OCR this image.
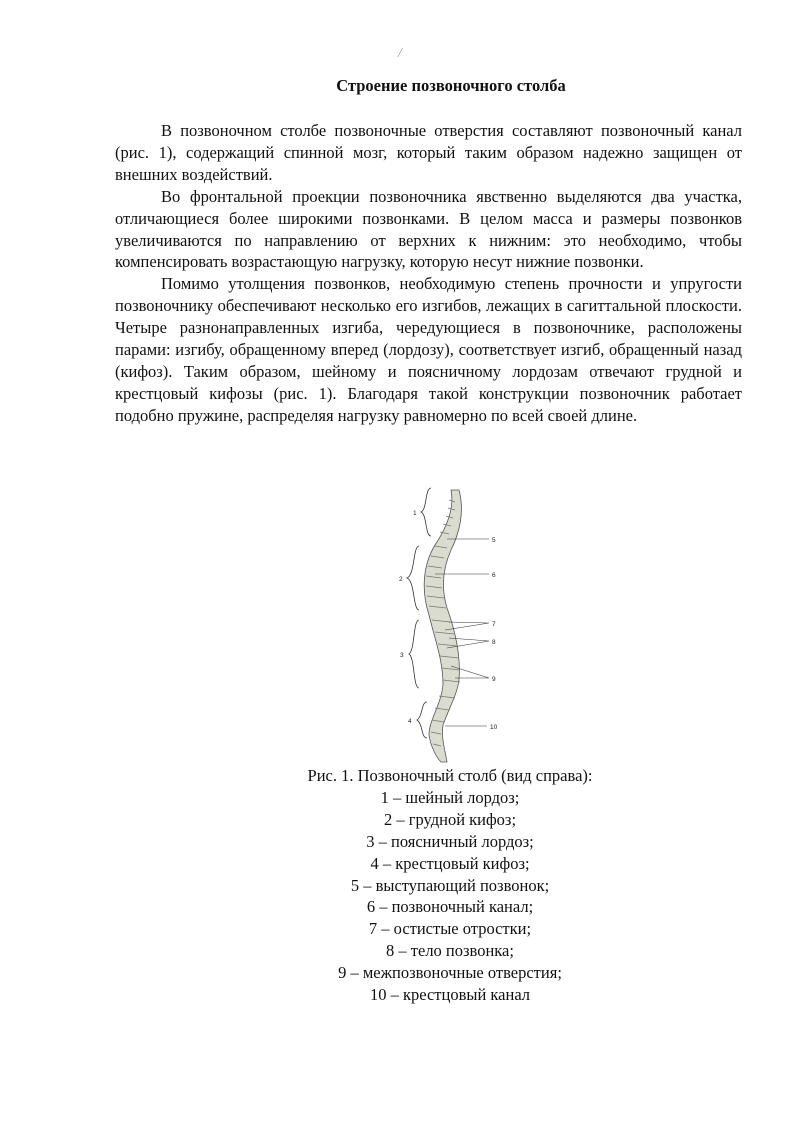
/
Строение позвоночного столба

В позвоночном столбе позвоночные отверстия составляют позвоночный канал (рис. 1), содержащий спинной мозг, который таким образом надежно защищен от внешних воздействий.

Во фронтальной проекции позвоночника явственно выделяются два участка, отличающиеся более широкими позвонками. В целом масса и размеры позвонков увеличиваются по направлению от верхних к нижним: это необходимо, чтобы компенсировать возрастающую нагрузку, которую несут нижние позвонки.

Помимо утолщения позвонков, необходимую степень прочности и упругости позвоночнику обеспечивают несколько его изгибов, лежащих в сагиттальной плоскости. Четыре разнонаправленных изгиба, чередующиеся в позвоночнике, расположены парами: изгибу, обращенному вперед (лордозу), соответствует изгиб, обращенный назад (кифоз). Таким образом, шейному и поясничному лордозам отвечают грудной и крестцовый кифозы (рис. 1). Благодаря такой конструкции позвоночник работает подобно пружине, распределяя нагрузку равномерно по всей своей длине.

1
2
3
4
5
6
7
8
9
10
Рис. 1. Позвоночный столб (вид справа):
1 – шейный лордоз;
2 – грудной кифоз;
3 – поясничный лордоз;
4 – крестцовый кифоз;
5 – выступающий позвонок;
6 – позвоночный канал;
7 – остистые отростки;
8 – тело позвонка;
9 – межпозвоночные отверстия;
10 – крестцовый канал
